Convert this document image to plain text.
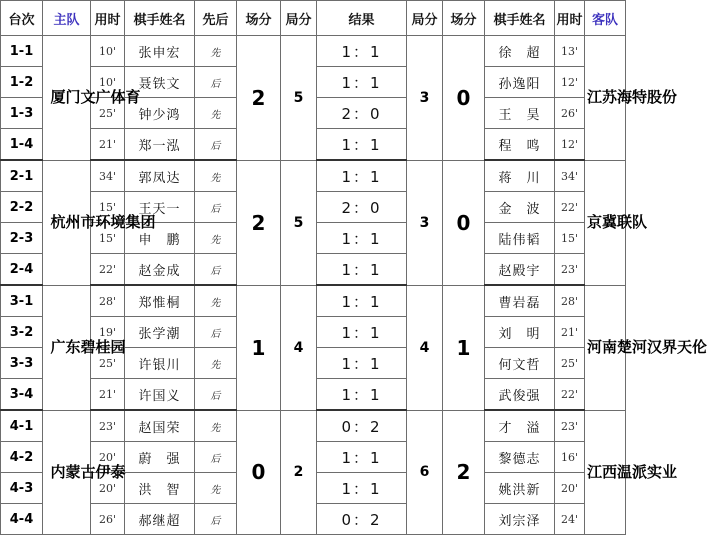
台次	主队	用时	棋手姓名	先后	场分	局分	结果	局分	场分	棋手姓名	用时	客队
1-1	厦门文广体育	10'	张申宏	先	2	5	1：1	3	0	徐　超	13'	江苏海特股份
1-2		10'	聂铁文	后			1：1			孙逸阳	12'	
1-3		25'	钟少鸿	先			2：0			王　昊	26'	
1-4		21'	郑一泓	后			1：1			程　鸣	12'	
2-1	杭州市环境集团	34'	郭凤达	先	2	5	1：1	3	0	蒋　川	34'	京冀联队
2-2		15'	王天一	后			2：0			金　波	22'	
2-3		15'	申　鹏	先			1：1			陆伟韬	15'	
2-4		22'	赵金成	后			1：1			赵殿宇	23'	
3-1	广东碧桂园	28'	郑惟桐	先	1	4	1：1	4	1	曹岩磊	28'	河南楚河汉界天伦
3-2		19'	张学潮	后			1：1			刘　明	21'	
3-3		25'	许银川	先			1：1			何文哲	25'	
3-4		21'	许国义	后			1：1			武俊强	22'	
4-1	内蒙古伊泰	23'	赵国荣	先	0	2	0：2	6	2	才　溢	23'	江西温派实业
4-2		20'	蔚　强	后			1：1			黎德志	16'	
4-3		20'	洪　智	先			1：1			姚洪新	20'	
4-4		26'	郝继超	后			0：2			刘宗泽	24'	
